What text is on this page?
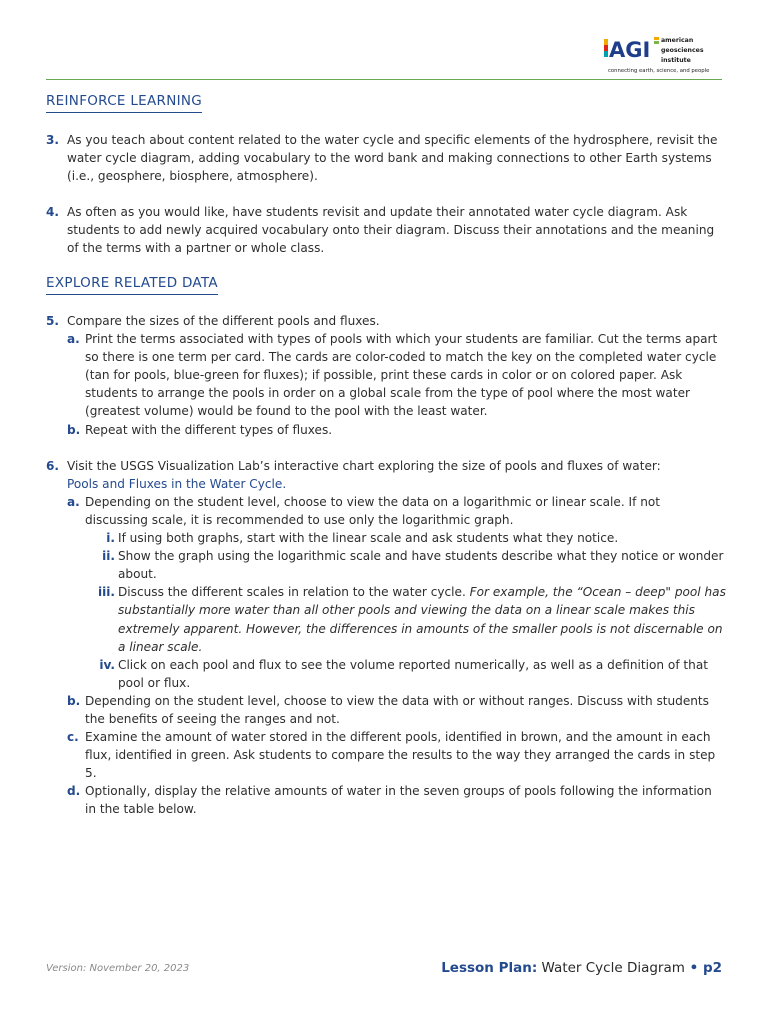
AGI american
geosciences
institute
connecting earth, science, and people
REINFORCE LEARNING
3. As you teach about content related to the water cycle and specific elements of the hydrosphere, revisit the water cycle diagram, adding vocabulary to the word bank and making connections to other Earth systems (i.e., geosphere, biosphere, atmosphere).
4. As often as you would like, have students revisit and update their annotated water cycle diagram. Ask students to add newly acquired vocabulary onto their diagram. Discuss their annotations and the meaning of the terms with a partner or whole class.
EXPLORE RELATED DATA
5. Compare the sizes of the different pools and fluxes.
a. Print the terms associated with types of pools with which your students are familiar. Cut the terms apart so there is one term per card. The cards are color-coded to match the key on the completed water cycle (tan for pools, blue-green for fluxes); if possible, print these cards in color or on colored paper. Ask students to arrange the pools in order on a global scale from the type of pool where the most water (greatest volume) would be found to the pool with the least water.
b. Repeat with the different types of fluxes.
6. Visit the USGS Visualization Lab’s interactive chart exploring the size of pools and fluxes of water:
Pools and Fluxes in the Water Cycle.
a. Depending on the student level, choose to view the data on a logarithmic or linear scale. If not discussing scale, it is recommended to use only the logarithmic graph.
i. If using both graphs, start with the linear scale and ask students what they notice.
ii. Show the graph using the logarithmic scale and have students describe what they notice or wonder about.
iii. Discuss the different scales in relation to the water cycle. For example, the “Ocean – deep" pool has substantially more water than all other pools and viewing the data on a linear scale makes this extremely apparent. However, the differences in amounts of the smaller pools is not discernable on a linear scale.
iv. Click on each pool and flux to see the volume reported numerically, as well as a definition of that pool or flux.
b. Depending on the student level, choose to view the data with or without ranges. Discuss with students the benefits of seeing the ranges and not.
c. Examine the amount of water stored in the different pools, identified in brown, and the amount in each flux, identified in green. Ask students to compare the results to the way they arranged the cards in step 5.
d. Optionally, display the relative amounts of water in the seven groups of pools following the information in the table below.
Version: November 20, 2023	Lesson Plan: Water Cycle Diagram • p2
